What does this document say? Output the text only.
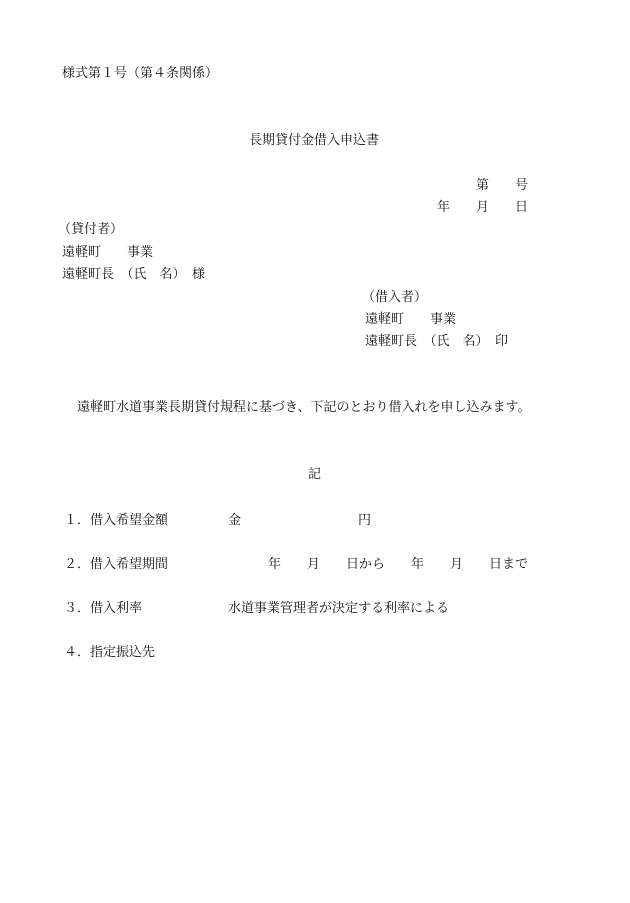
様式第１号（第４条関係）
長期貸付金借入申込書
第　　号
年　　月　　日
（貸付者）
遠軽町　　事業
遠軽町長　（氏　名）　様
（借入者）
遠軽町　　事業
遠軽町長　（氏　名）　印
遠軽町水道事業長期貸付規程に基づき、下記のとおり借入れを申し込みます。
記
１．借入希望金額	金　　　　　　　　　円
２．借入希望期間	年　　月　　日から　　年　　月　　日まで
３．借入利率	水道事業管理者が決定する利率による
４．指定振込先
